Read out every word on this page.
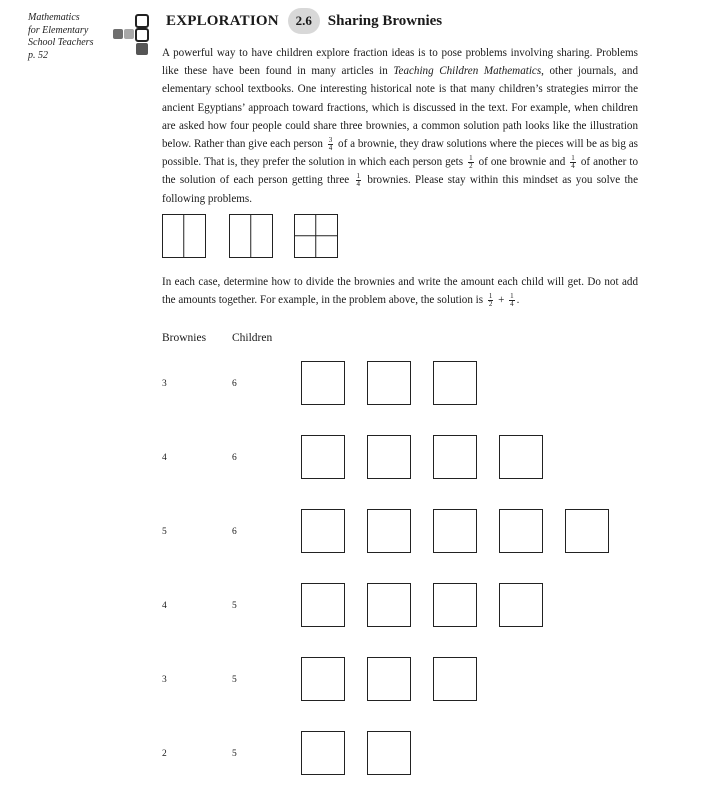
Mathematics
for Elementary
School Teachers
p. 52
EXPLORATION	2.6	Sharing Brownies

A powerful way to have children explore fraction ideas is to pose problems involving sharing. Problems like these have been found in many articles in Teaching Children Mathematics, other journals, and elementary school textbooks. One interesting historical note is that many children’s strategies mirror the ancient Egyptians’ approach toward fractions, which is discussed in the text. For example, when children are asked how four people could share three brownies, a common solution path looks like the illustration below. Rather than give each person $\frac{3}{4}$ of a brownie, they draw solutions where the pieces will be as big as possible. That is, they prefer the solution in which each person gets $\frac{1}{2}$ of one brownie and $\frac{1}{4}$ of another to the solution of each person getting three $\frac{1}{4}$ brownies. Please stay within this mindset as you solve the following problems.

In each case, determine how to divide the brownies and write the amount each child will get. Do not add the amounts together. For example, in the problem above, the solution is $\frac{1}{2} + \frac{1}{4}$ .
Brownies Children
3	6
4	6
5	6
4	5
3	5
2	5
